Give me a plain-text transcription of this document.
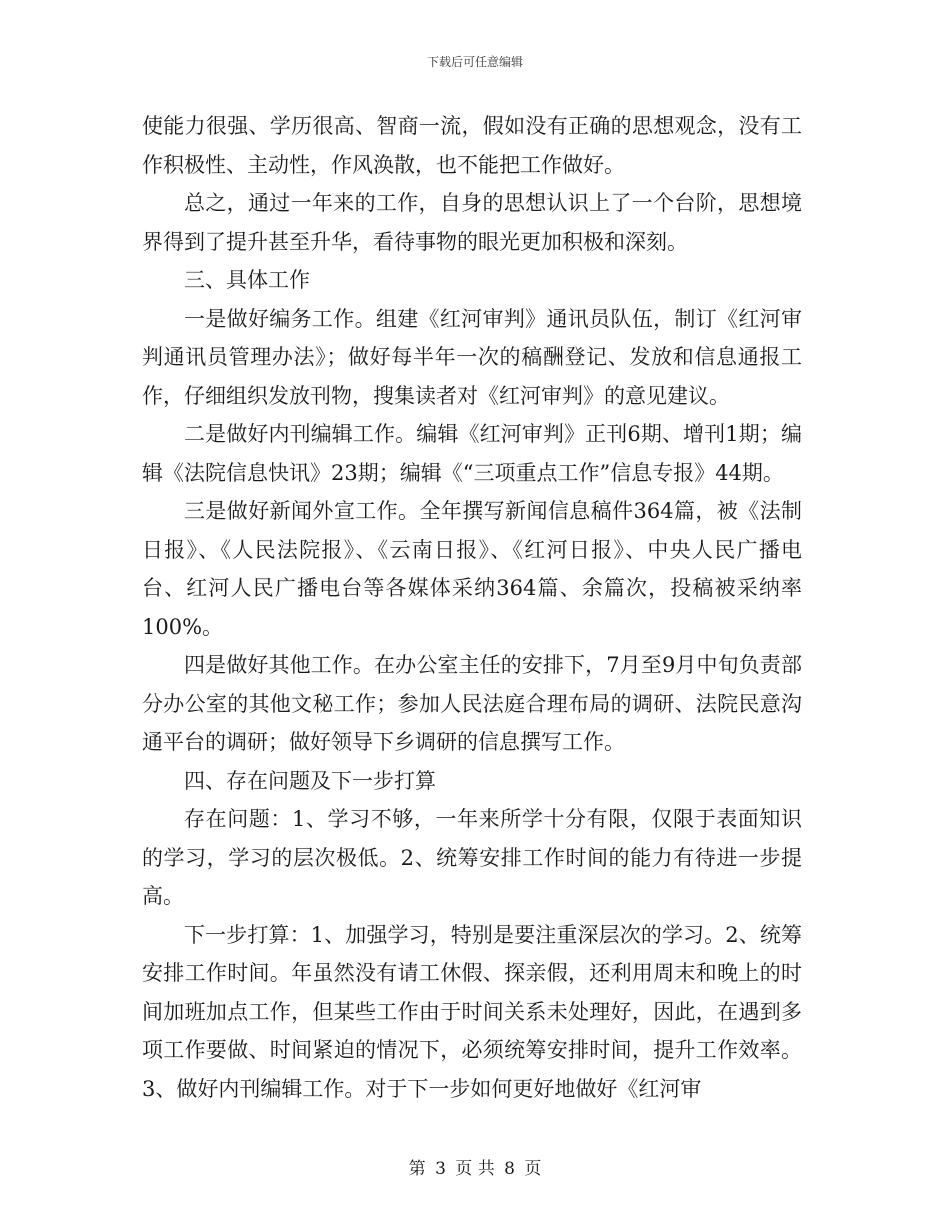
下载后可任意编辑

使能力很强、学历很高、智商一流，假如没有正确的思想观念，没有工作积极性、主动性，作风涣散，也不能把工作做好。

总之，通过一年来的工作，自身的思想认识上了一个台阶，思想境界得到了提升甚至升华，看待事物的眼光更加积极和深刻。

三、具体工作

一是做好编务工作。组建《红河审判》通讯员队伍，制订《红河审判通讯员管理办法》；做好每半年一次的稿酬登记、发放和信息通报工作，仔细组织发放刊物，搜集读者对《红河审判》的意见建议。

二是做好内刊编辑工作。编辑《红河审判》正刊6期、增刊1期；编辑《法院信息快讯》23期；编辑《“三项重点工作”信息专报》44期。

三是做好新闻外宣工作。全年撰写新闻信息稿件364篇，被《法制日报》、《人民法院报》、《云南日报》、《红河日报》、中央人民广播电台、红河人民广播电台等各媒体采纳364篇、余篇次，投稿被采纳率100%。

四是做好其他工作。在办公室主任的安排下，7月至9月中旬负责部分办公室的其他文秘工作；参加人民法庭合理布局的调研、法院民意沟通平台的调研；做好领导下乡调研的信息撰写工作。

四、存在问题及下一步打算

存在问题：1、学习不够，一年来所学十分有限，仅限于表面知识的学习，学习的层次极低。2、统筹安排工作时间的能力有待进一步提高。

下一步打算：1、加强学习，特别是要注重深层次的学习。2、统筹安排工作时间。年虽然没有请工休假、探亲假，还利用周末和晚上的时间加班加点工作，但某些工作由于时间关系未处理好，因此，在遇到多项工作要做、时间紧迫的情况下，必须统筹安排时间，提升工作效率。3、做好内刊编辑工作。对于下一步如何更好地做好《红河审

第 3 页 共 8 页
